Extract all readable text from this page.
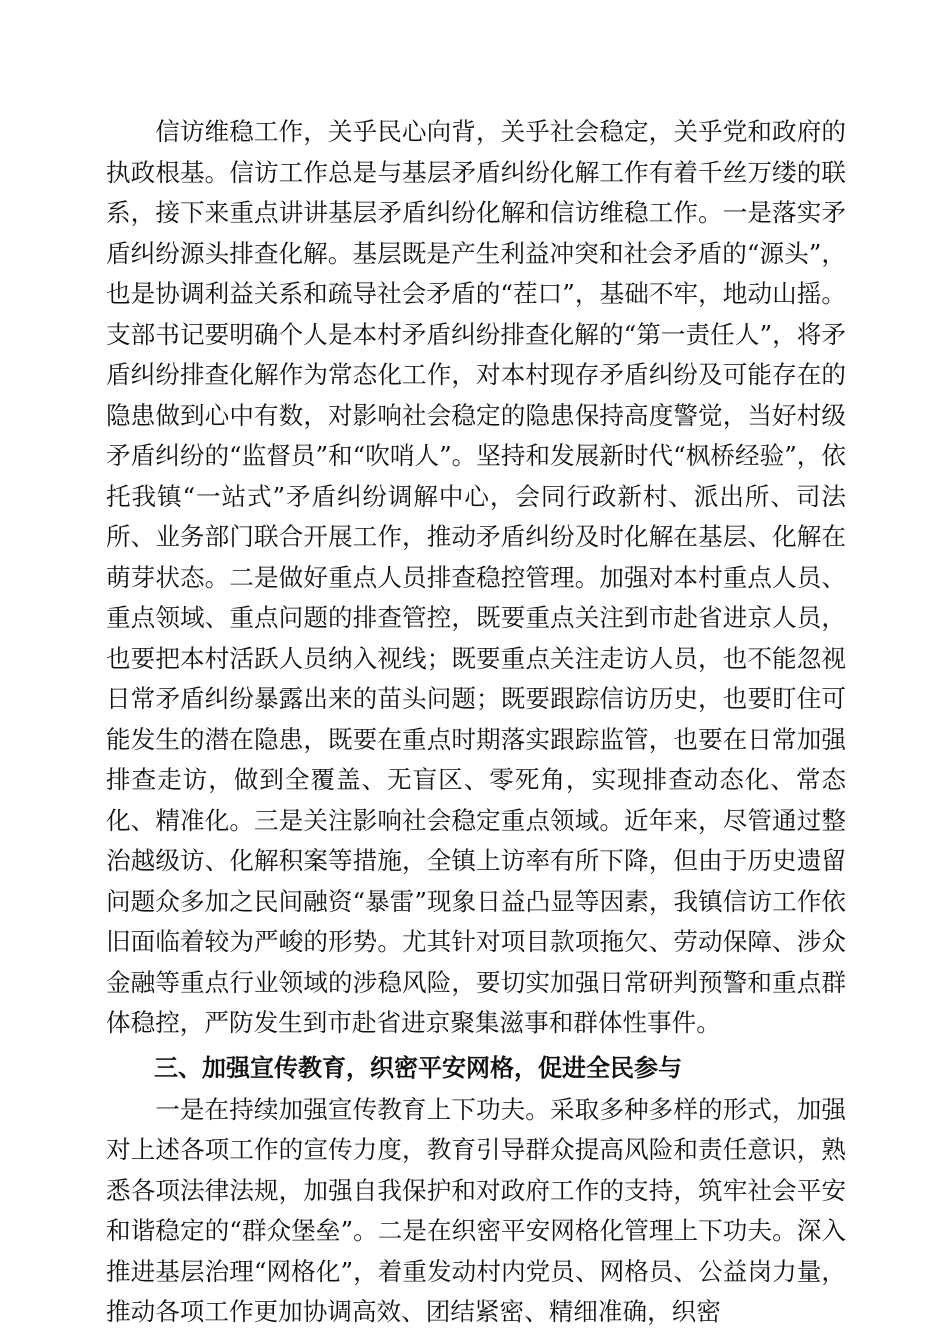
信访维稳工作，关乎民心向背，关乎社会稳定，关乎党和政府的执政根基。信访工作总是与基层矛盾纠纷化解工作有着千丝万缕的联系，接下来重点讲讲基层矛盾纠纷化解和信访维稳工作。一是落实矛盾纠纷源头排查化解。基层既是产生利益冲突和社会矛盾的“源头”，也是协调利益关系和疏导社会矛盾的“茬口”，基础不牢，地动山摇。支部书记要明确个人是本村矛盾纠纷排查化解的“第一责任人”，将矛盾纠纷排查化解作为常态化工作，对本村现存矛盾纠纷及可能存在的隐患做到心中有数，对影响社会稳定的隐患保持高度警觉，当好村级矛盾纠纷的“监督员”和“吹哨人”。坚持和发展新时代“枫桥经验”，依托我镇“一站式”矛盾纠纷调解中心，会同行政新村、派出所、司法所、业务部门联合开展工作，推动矛盾纠纷及时化解在基层、化解在萌芽状态。二是做好重点人员排查稳控管理。加强对本村重点人员、重点领域、重点问题的排查管控，既要重点关注到市赴省进京人员，也要把本村活跃人员纳入视线；既要重点关注走访人员，也不能忽视日常矛盾纠纷暴露出来的苗头问题；既要跟踪信访历史，也要盯住可能发生的潜在隐患，既要在重点时期落实跟踪监管，也要在日常加强排查走访，做到全覆盖、无盲区、零死角，实现排查动态化、常态化、精准化。三是关注影响社会稳定重点领域。近年来，尽管通过整治越级访、化解积案等措施，全镇上访率有所下降，但由于历史遗留问题众多加之民间融资“暴雷”现象日益凸显等因素，我镇信访工作依旧面临着较为严峻的形势。尤其针对项目款项拖欠、劳动保障、涉众金融等重点行业领域的涉稳风险，要切实加强日常研判预警和重点群体稳控，严防发生到市赴省进京聚集滋事和群体性事件。

三、加强宣传教育，织密平安网格，促进全民参与

一是在持续加强宣传教育上下功夫。采取多种多样的形式，加强对上述各项工作的宣传力度，教育引导群众提高风险和责任意识，熟悉各项法律法规，加强自我保护和对政府工作的支持，筑牢社会平安和谐稳定的“群众堡垒”。二是在织密平安网格化管理上下功夫。深入推进基层治理“网格化”，着重发动村内党员、网格员、公益岗力量，推动各项工作更加协调高效、团结紧密、精细准确，织密
